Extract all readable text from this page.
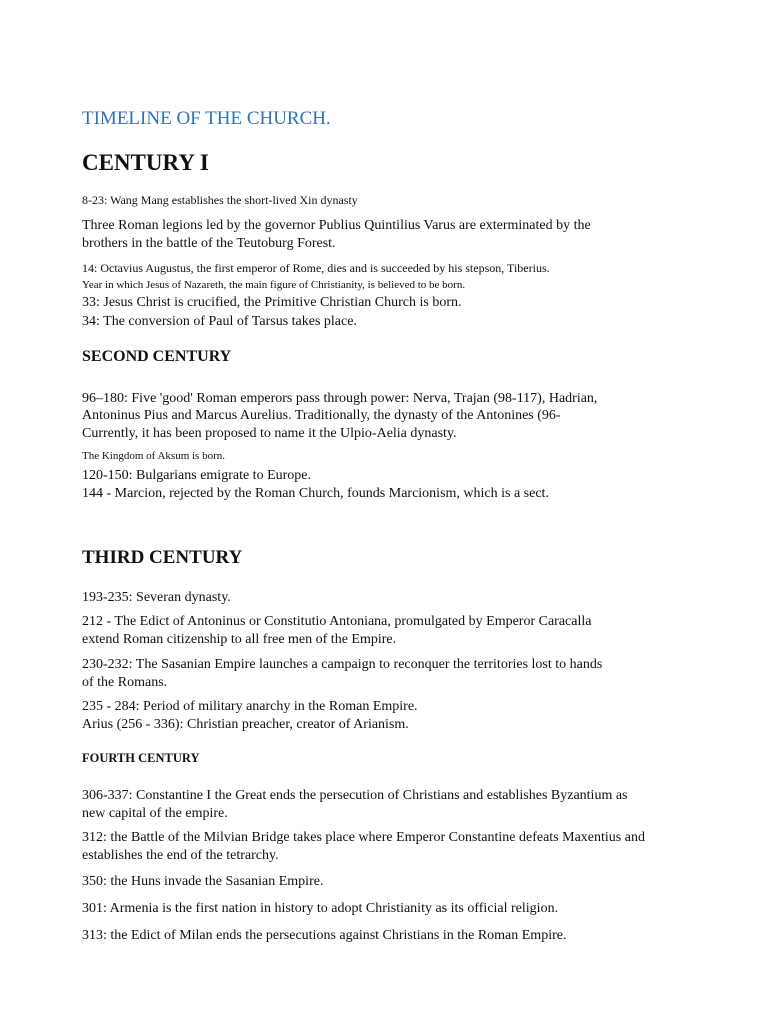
TIMELINE OF THE CHURCH.
CENTURY I

8-23: Wang Mang establishes the short-lived Xin dynasty

Three Roman legions led by the governor Publius Quintilius Varus are exterminated by the

brothers in the battle of the Teutoburg Forest.

14: Octavius Augustus, the first emperor of Rome, dies and is succeeded by his stepson, Tiberius.

Year in which Jesus of Nazareth, the main figure of Christianity, is believed to be born.

33: Jesus Christ is crucified, the Primitive Christian Church is born.

34: The conversion of Paul of Tarsus takes place.

SECOND CENTURY

96–180: Five 'good' Roman emperors pass through power: Nerva, Trajan (98-117), Hadrian,

Antoninus Pius and Marcus Aurelius. Traditionally, the dynasty of the Antonines (96-

Currently, it has been proposed to name it the Ulpio-Aelia dynasty.

The Kingdom of Aksum is born.

120-150: Bulgarians emigrate to Europe.

144 - Marcion, rejected by the Roman Church, founds Marcionism, which is a sect.

THIRD CENTURY

193-235: Severan dynasty.

212 - The Edict of Antoninus or Constitutio Antoniana, promulgated by Emperor Caracalla

extend Roman citizenship to all free men of the Empire.

230-232: The Sasanian Empire launches a campaign to reconquer the territories lost to hands

of the Romans.

235 - 284: Period of military anarchy in the Roman Empire.

Arius (256 - 336): Christian preacher, creator of Arianism.

FOURTH CENTURY

306-337: Constantine I the Great ends the persecution of Christians and establishes Byzantium as

new capital of the empire.

312: the Battle of the Milvian Bridge takes place where Emperor Constantine defeats Maxentius and

establishes the end of the tetrarchy.

350: the Huns invade the Sasanian Empire.

301: Armenia is the first nation in history to adopt Christianity as its official religion.

313: the Edict of Milan ends the persecutions against Christians in the Roman Empire.
